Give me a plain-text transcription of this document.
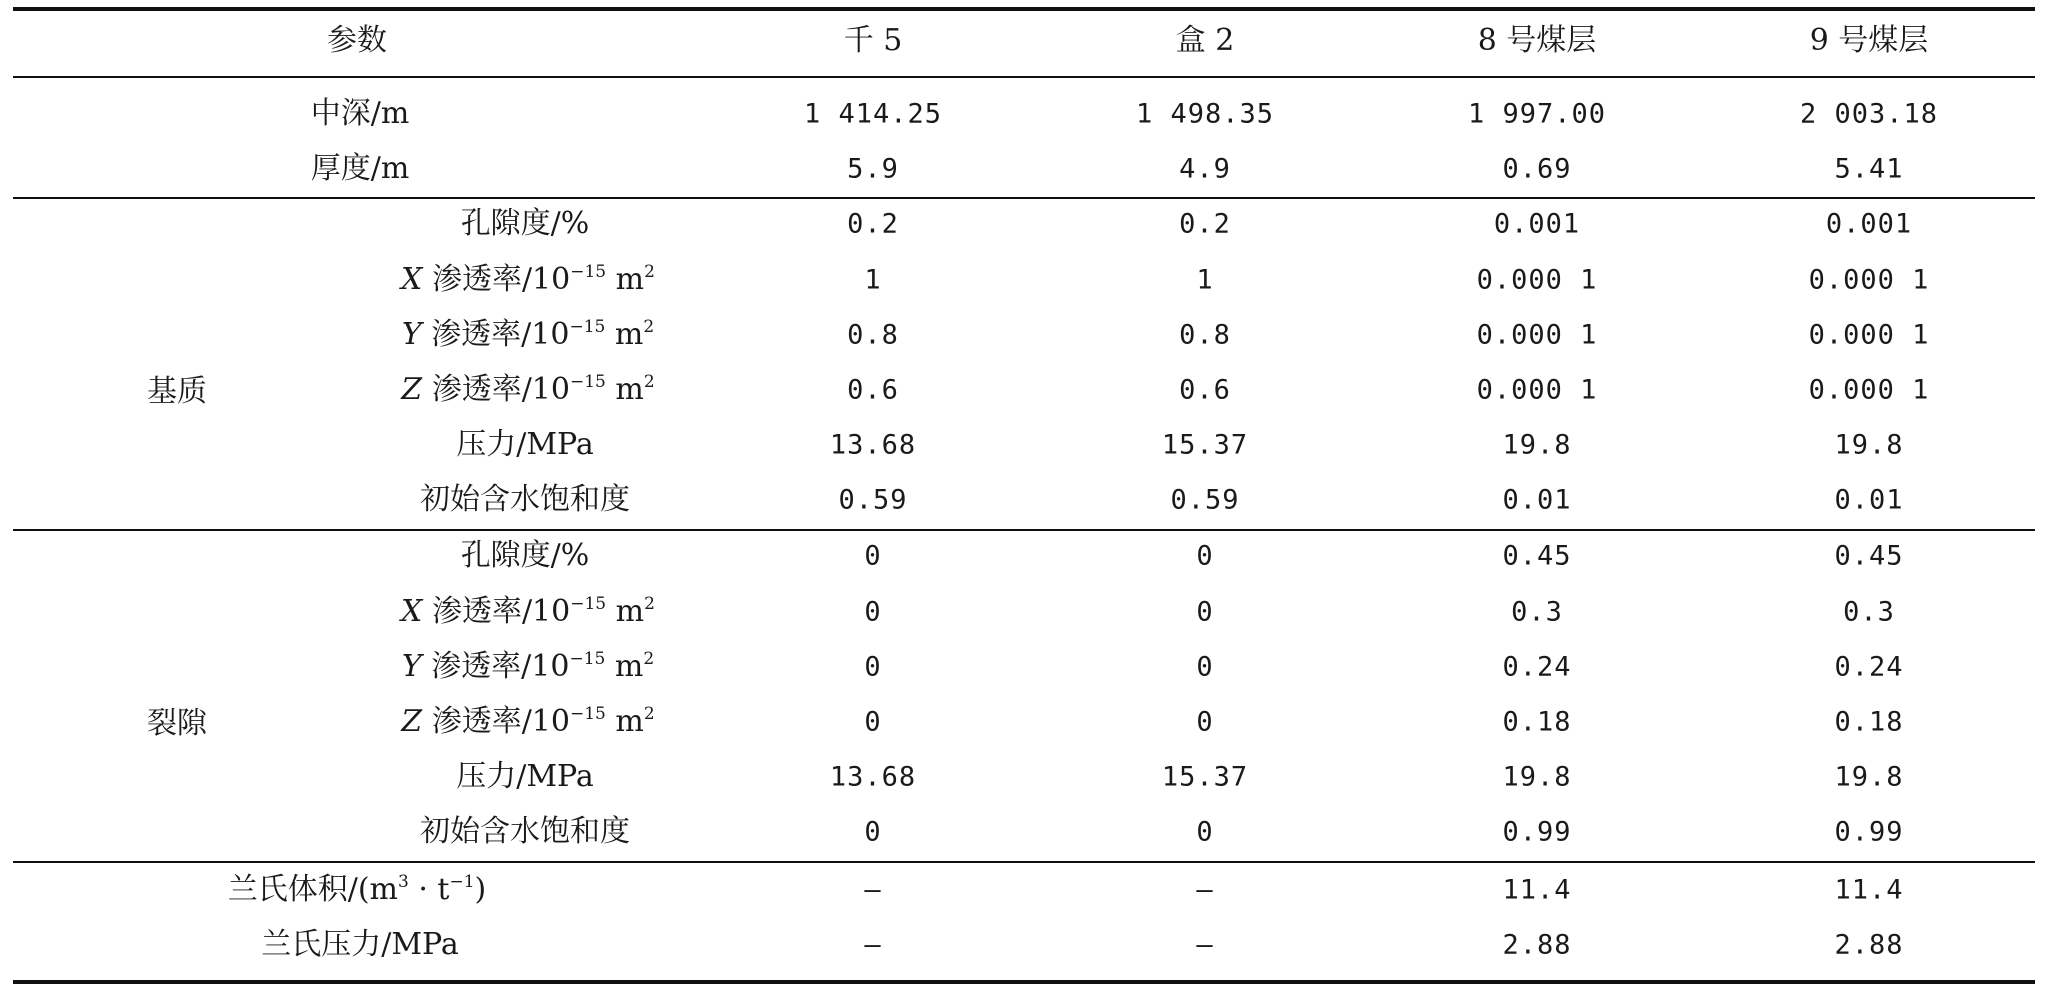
参数	千 5	盒 2	8 号煤层	9 号煤层
中深/m	1 414.25	1 498.35	1 997.00	2 003.18
厚度/m	5.9	4.9	0.69	5.41
基质
孔隙度/%	0.2	0.2	0.001	0.001
X 渗透率$/10^{-15}$ $m^2$	1	1	0.000 1	0.000 1
Y 渗透率$/10^{-15}$ $m^2$	0.8	0.8	0.000 1	0.000 1
Z 渗透率$/10^{-15}$ $m^2$	0.6	0.6	0.000 1	0.000 1
压力/MPa	13.68	15.37	19.8	19.8
初始含水饱和度	0.59	0.59	0.01	0.01
裂隙
孔隙度/%	0	0	0.45	0.45
X 渗透率$/10^{-15}$ $m^2$	0	0	0.3	0.3
Y 渗透率$/10^{-15}$ $m^2$	0	0	0.24	0.24
Z 渗透率$/10^{-15}$ $m^2$	0	0	0.18	0.18
压力/MPa	13.68	15.37	19.8	19.8
初始含水饱和度	0	0	0.99	0.99
兰氏体积$/(m^3 \cdot t^{-1})$	—	—	11.4	11.4
兰氏压力/MPa	—	—	2.88	2.88
